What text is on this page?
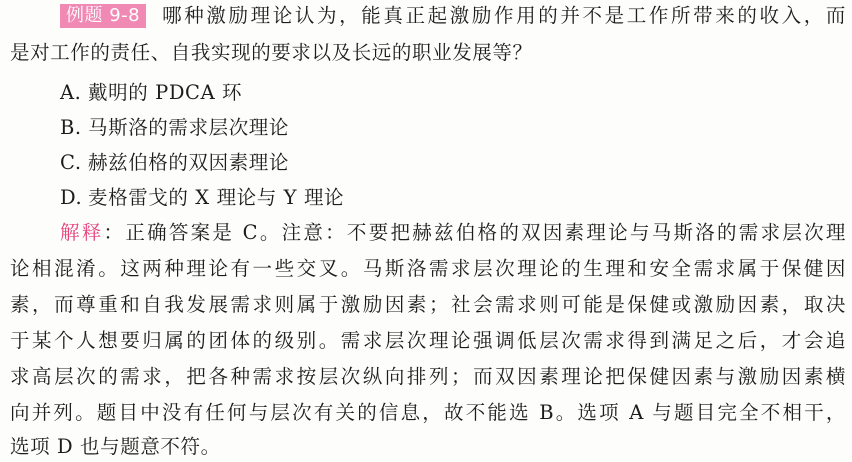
例题 9-8 哪种激励理论认为，能真正起激励作用的并不是工作所带来的收入，而
是对工作的责任、自我实现的要求以及长远的职业发展等？
A. 戴明的 PDCA 环
B. 马斯洛的需求层次理论
C. 赫兹伯格的双因素理论
D. 麦格雷戈的 X 理论与 Y 理论
解释：正确答案是 C。注意：不要把赫兹伯格的双因素理论与马斯洛的需求层次理
论相混淆。这两种理论有一些交叉。马斯洛需求层次理论的生理和安全需求属于保健因
素，而尊重和自我发展需求则属于激励因素；社会需求则可能是保健或激励因素，取决
于某个人想要归属的团体的级别。需求层次理论强调低层次需求得到满足之后，才会追
求高层次的需求，把各种需求按层次纵向排列；而双因素理论把保健因素与激励因素横
向并列。题目中没有任何与层次有关的信息，故不能选 B。选项 A 与题目完全不相干，
选项 D 也与题意不符。
